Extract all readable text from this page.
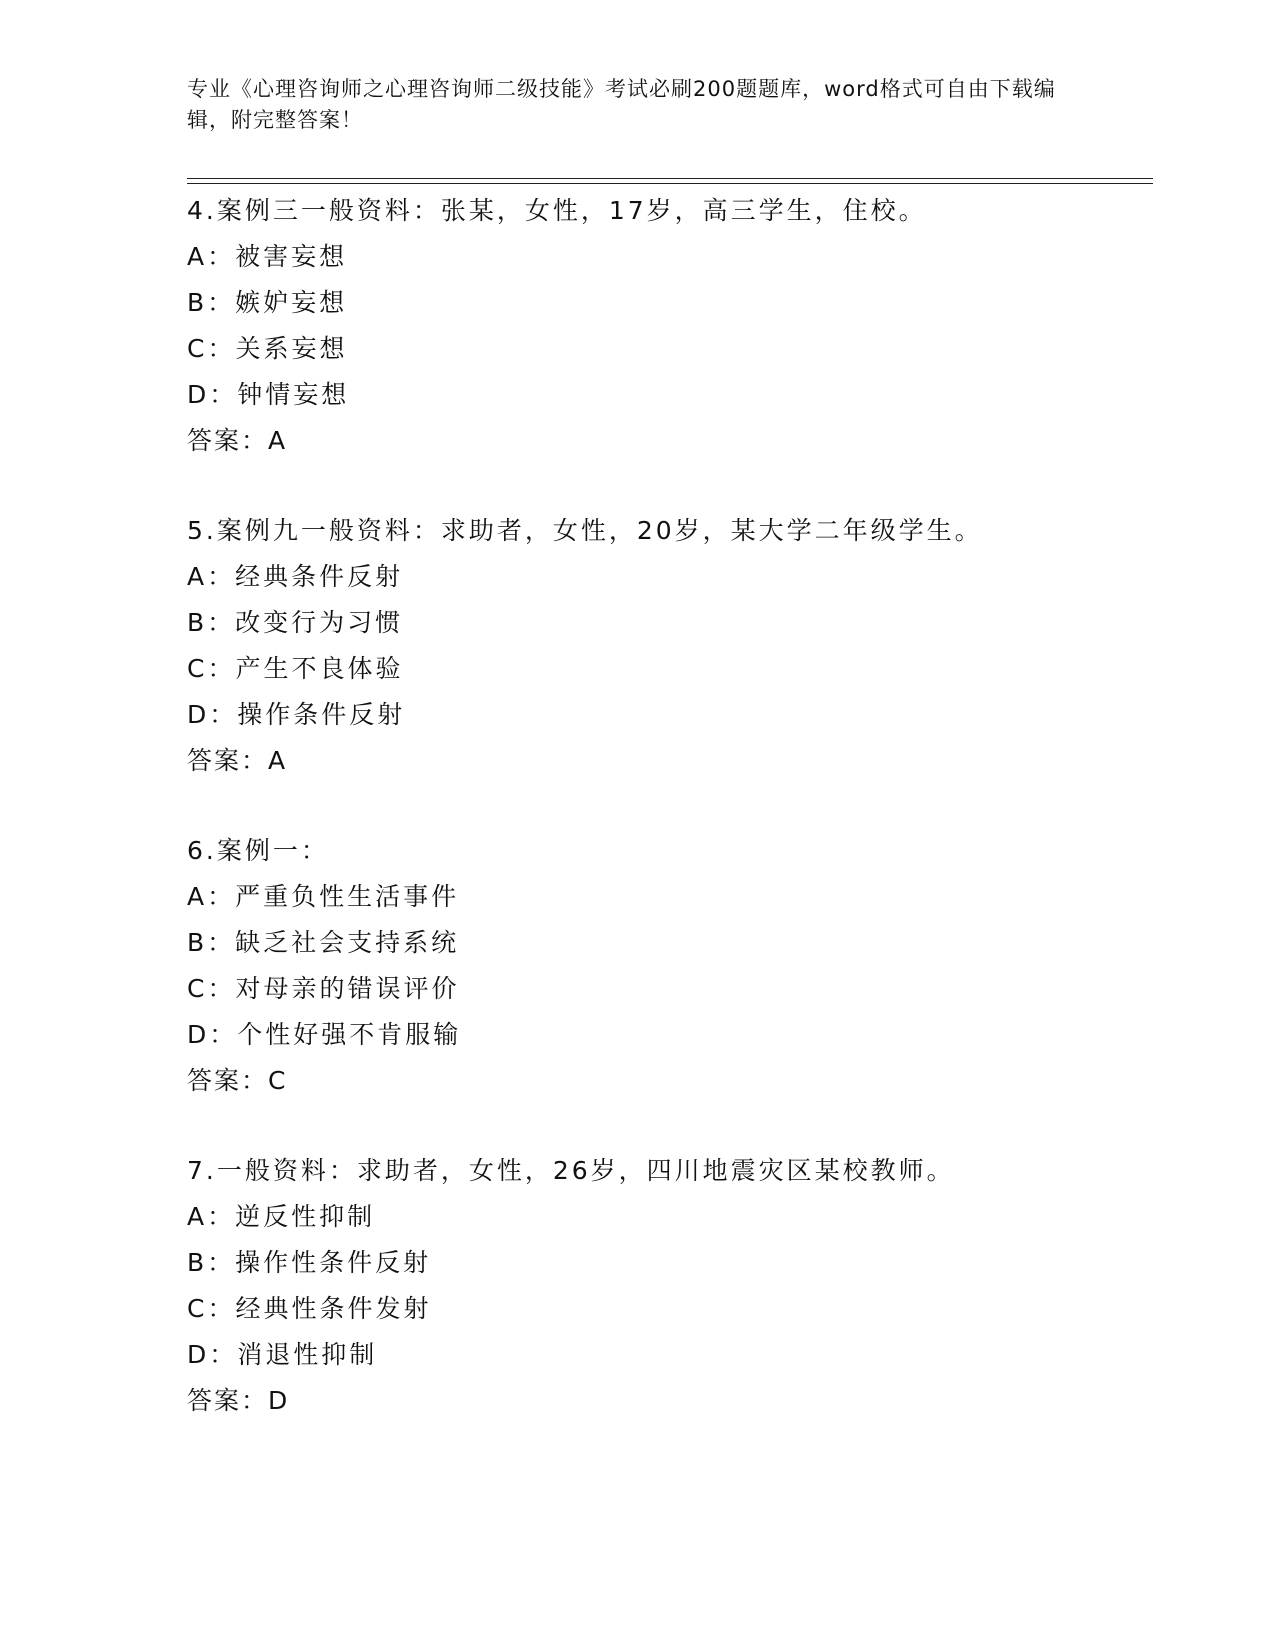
专业《心理咨询师之心理咨询师二级技能》考试必刷200题题库，word格式可自由下载编辑，附完整答案！
4.案例三一般资料：张某，女性，17岁，高三学生，住校。
A：被害妄想
B：嫉妒妄想
C：关系妄想
D：钟情妄想
答案：A
5.案例九一般资料：求助者，女性，20岁，某大学二年级学生。
A：经典条件反射
B：改变行为习惯
C：产生不良体验
D：操作条件反射
答案：A
6.案例一：
A：严重负性生活事件
B：缺乏社会支持系统
C：对母亲的错误评价
D：个性好强不肯服输
答案：C
7.一般资料：求助者，女性，26岁，四川地震灾区某校教师。
A：逆反性抑制
B：操作性条件反射
C：经典性条件发射
D：消退性抑制
答案：D
